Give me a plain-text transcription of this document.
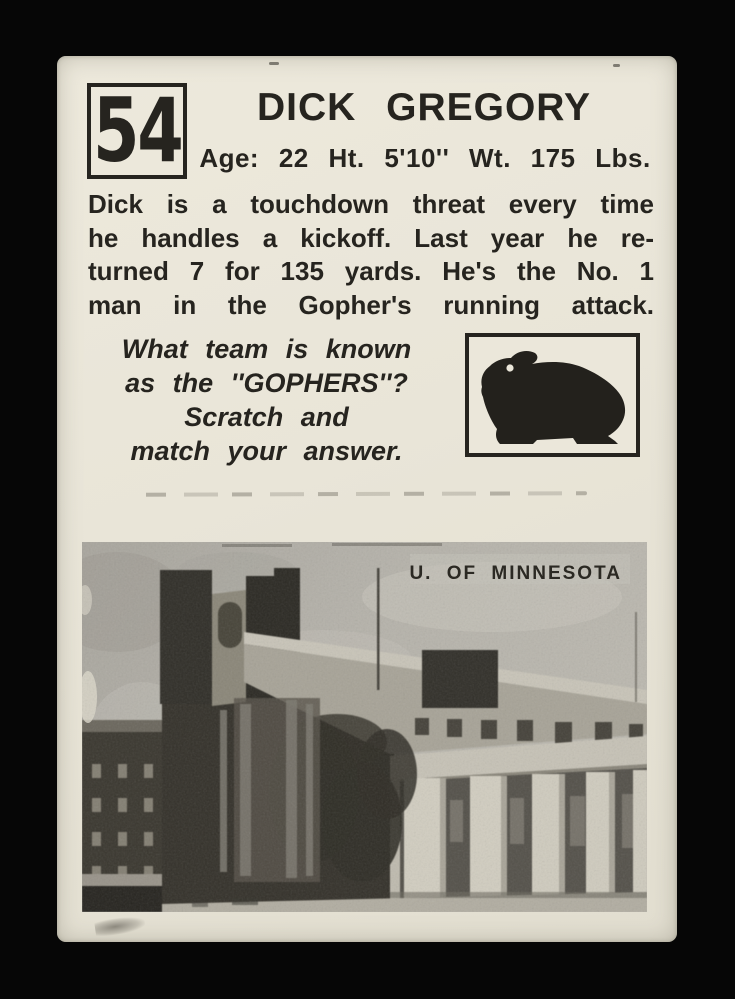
54	DICK GREGORY
Age: 22 Ht. 5'10'' Wt. 175 Lbs.
Dick is a touchdown threat every time
he handles a kickoff. Last year he re-
turned 7 for 135 yards. He's the No. 1
man in the Gopher's running attack.
What team is known
as the ''GOPHERS''?
Scratch and
match your answer.
U. OF MINNESOTA
